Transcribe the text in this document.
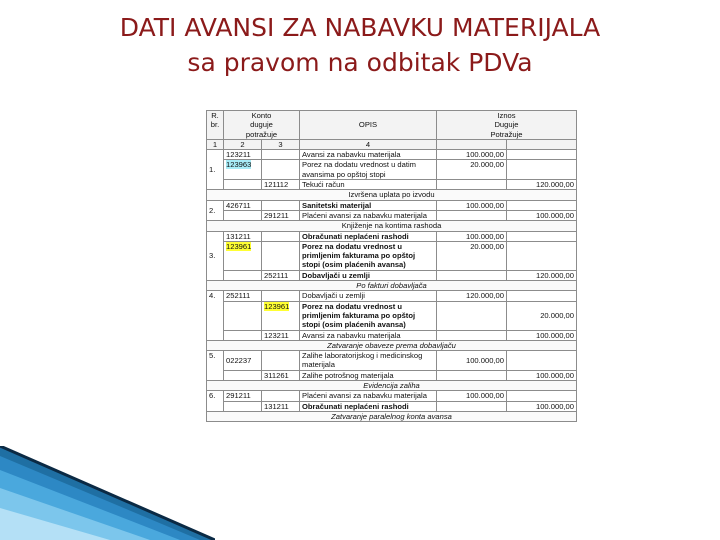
DATI AVANSI ZA NABAVKU MATERIJALA
sa pravom na odbitak PDVa
R.
br.	Konto
dugujepotražuje		OPIS	Iznos
DugujePotražuje	
1	2	3	4		
1.	123211		Avansi za nabavku materijala	100.000,00	
	123963		Porez na dodatu vrednost u datim avansima po opštoj stopi	20.000,00	
		121112	Tekući račun		120.000,00
Izvršena uplata po izvodu					
2.	426711		Sanitetski materijal	100.000,00	
		291211	Plaćeni avansi za nabavku materijala		100.000,00
Knjiženje na kontima rashoda					
3.	131211		Obračunati neplaćeni rashodi	100.000,00	
	123961		Porez na dodatu vrednost u primljenim fakturama po opštoj stopi (osim plaćenih avansa)	20.000,00	
		252111	Dobavljači u zemlji		120.000,00
Po fakturi dobavljača					
4.	252111		Dobavljači u zemlji	120.000,00	
		123961	Porez na dodatu vrednost u primljenim fakturama po opštoj stopi (osim plaćenih avansa)		20.000,00
		123211	Avansi za nabavku materijala		100.000,00
Zatvaranje obaveze prema dobavljaču					
5.	022237		Zalihe laboratorijskog i medicinskog materijala	100.000,00	
		311261	Zalihe potrošnog materijala		100.000,00
Evidencija zaliha					
6.	291211		Plaćeni avansi za nabavku materijala	100.000,00	
		131211	Obračunati neplaćeni rashodi		100.000,00
Zatvaranje paralelnog konta avansa					
